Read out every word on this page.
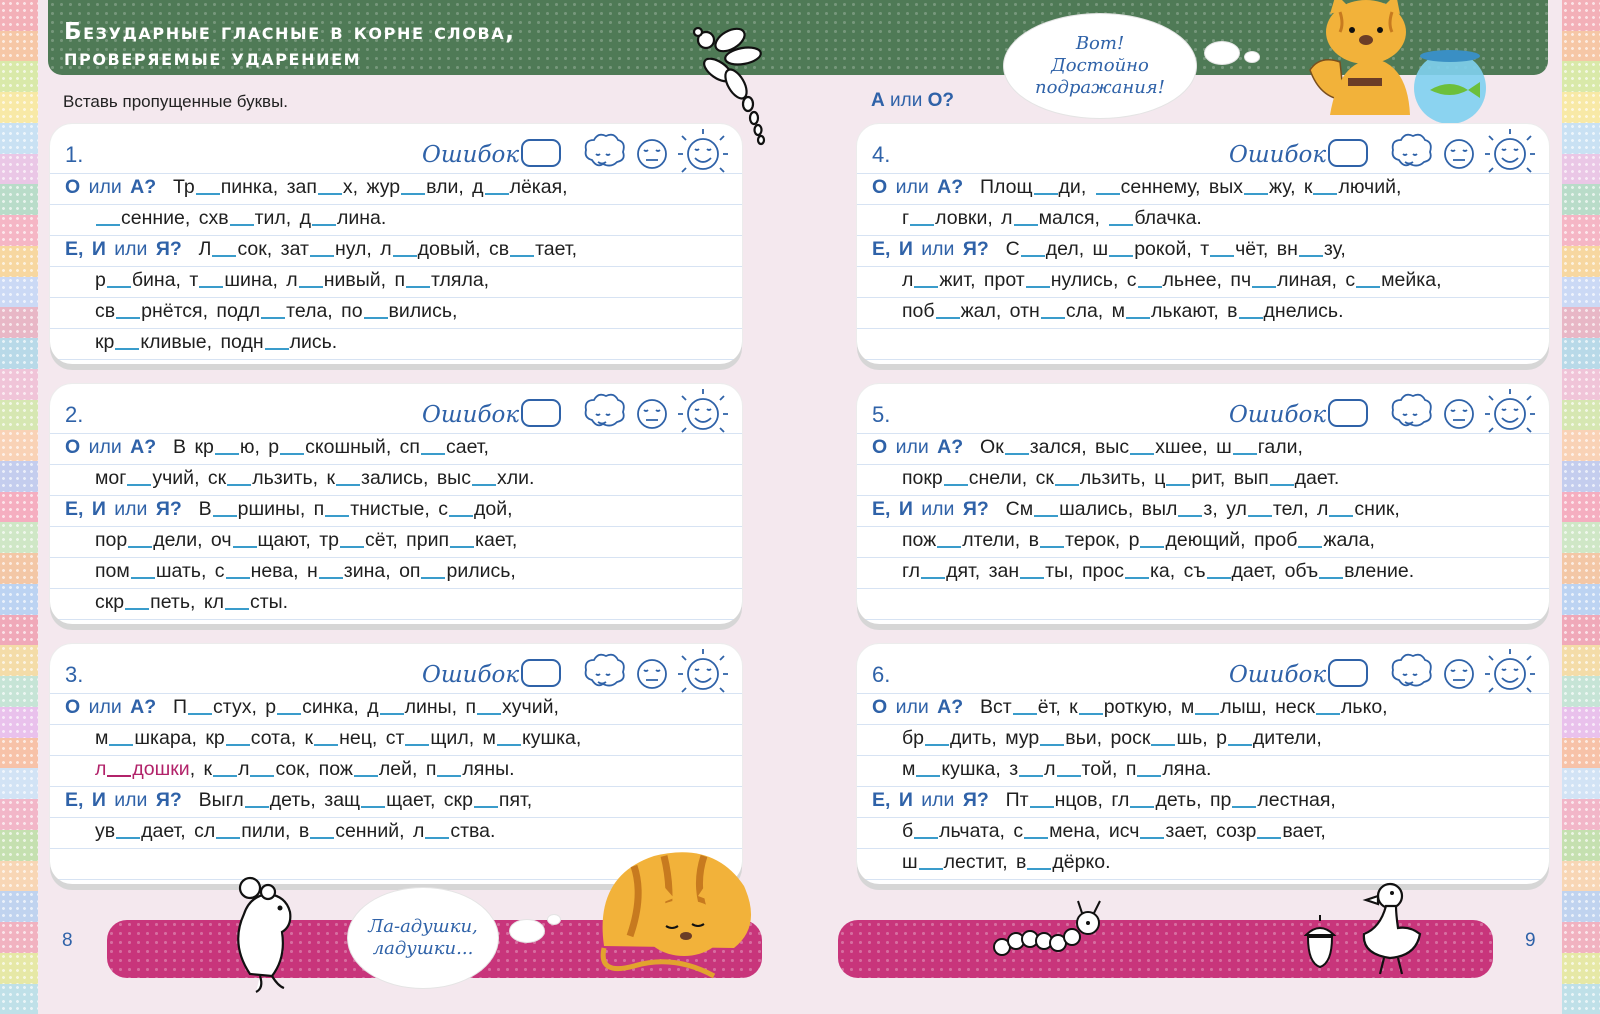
Безударные гласные в корне слова,
проверяемые ударением
Вот! Достойно подражания!
Вставь пропущенные буквы.	А или О?
1.	Ошибок
О или А? Тр пинка, зап х, жур вли, д лёкая,
сенние, схв тил, д лина.
Е, И или Я? Л сок, зат нул, л довый, св тает,
р бина, т шина, л нивый, п тляла,
св рнётся, подл тела, по вились,
кр кливые, подн лись.
2.	Ошибок
О или А? В кр ю, р скошный, сп сает,
мог учий, ск льзить, к зались, выс хли.
Е, И или Я? В ршины, п тнистые, с дой,
пор дели, оч щают, тр сёт, прип кает,
пом шать, с нева, н зина, оп рились,
скр петь, кл сты.
3.	Ошибок
О или А? П стух, р синка, д лины, п хучий,
м шкара, кр сота, к нец, ст щил, м кушка,
л дошки, к л сок, пож лей, п ляны.
Е, И или Я? Выгл деть, защ щает, скр пят,
ув дает, сл пили, в сенний, л ства.
4.	Ошибок
О или А? Площ ди, сеннему, вых жу, к лючий,
г ловки, л мался, блачка.
Е, И или Я? С дел, ш рокой, т чёт, вн зу,
л жит, прот нулись, с льнее, пч линая, с мейка,
поб жал, отн сла, м лькают, в днелись.
5.	Ошибок
О или А? Ок зался, выс хшее, ш гали,
покр снели, ск льзить, ц рит, вып дает.
Е, И или Я? См шались, выл з, ул тел, л сник,
пож лтели, в терок, р деющий, проб жала,
гл дят, зан ты, прос ка, съ дает, объ вление.
6.	Ошибок
О или А? Вст ёт, к роткую, м лыш, неск лько,
бр дить, мур вьи, роск шь, р дители,
м кушка, з л той, п ляна.
Е, И или Я? Пт нцов, гл деть, пр лестная,
б льчата, с мена, исч зает, созр вает,
ш лестит, в дёрко.
8	9
Ла-адушки, ладушки...
